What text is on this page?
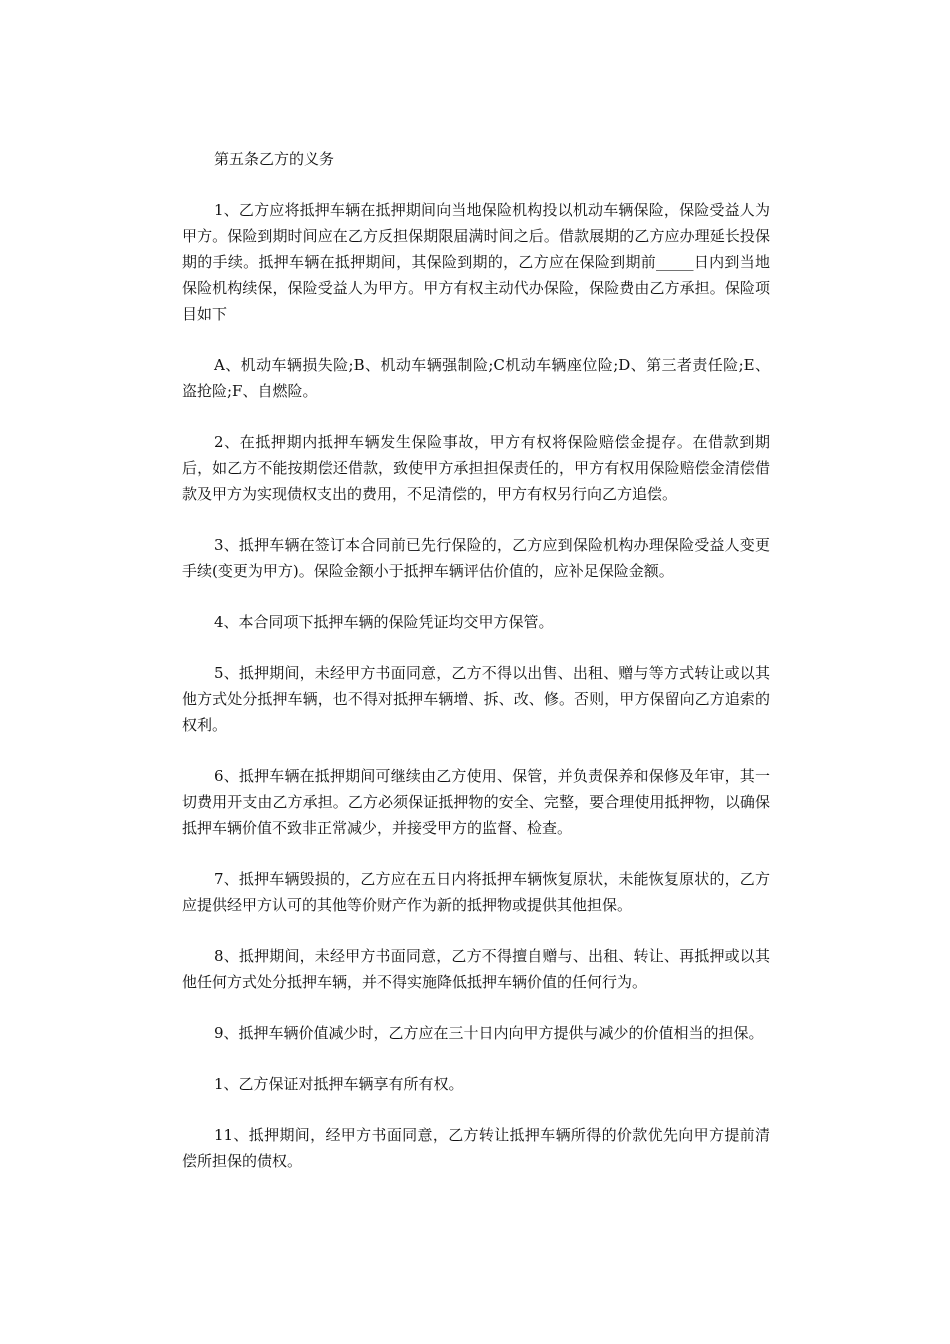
第五条乙方的义务

1、乙方应将抵押车辆在抵押期间向当地保险机构投以机动车辆保险，保险受益人为甲方。保险到期时间应在乙方反担保期限届满时间之后。借款展期的乙方应办理延长投保期的手续。抵押车辆在抵押期间，其保险到期的，乙方应在保险到期前_____日内到当地保险机构续保，保险受益人为甲方。甲方有权主动代办保险，保险费由乙方承担。保险项目如下

A、机动车辆损失险;B、机动车辆强制险;C机动车辆座位险;D、第三者责任险;E、盗抢险;F、自燃险。

2、在抵押期内抵押车辆发生保险事故，甲方有权将保险赔偿金提存。在借款到期后，如乙方不能按期偿还借款，致使甲方承担担保责任的，甲方有权用保险赔偿金清偿借款及甲方为实现债权支出的费用，不足清偿的，甲方有权另行向乙方追偿。

3、抵押车辆在签订本合同前已先行保险的，乙方应到保险机构办理保险受益人变更手续(变更为甲方)。保险金额小于抵押车辆评估价值的，应补足保险金额。

4、本合同项下抵押车辆的保险凭证均交甲方保管。

5、抵押期间，未经甲方书面同意，乙方不得以出售、出租、赠与等方式转让或以其他方式处分抵押车辆，也不得对抵押车辆增、拆、改、修。否则，甲方保留向乙方追索的权利。

6、抵押车辆在抵押期间可继续由乙方使用、保管，并负责保养和保修及年审，其一切费用开支由乙方承担。乙方必须保证抵押物的安全、完整，要合理使用抵押物，以确保抵押车辆价值不致非正常减少，并接受甲方的监督、检查。

7、抵押车辆毁损的，乙方应在五日内将抵押车辆恢复原状，未能恢复原状的，乙方应提供经甲方认可的其他等价财产作为新的抵押物或提供其他担保。

8、抵押期间，未经甲方书面同意，乙方不得擅自赠与、出租、转让、再抵押或以其他任何方式处分抵押车辆，并不得实施降低抵押车辆价值的任何行为。

9、抵押车辆价值减少时，乙方应在三十日内向甲方提供与减少的价值相当的担保。

1、乙方保证对抵押车辆享有所有权。

11、抵押期间，经甲方书面同意，乙方转让抵押车辆所得的价款优先向甲方提前清偿所担保的债权。
